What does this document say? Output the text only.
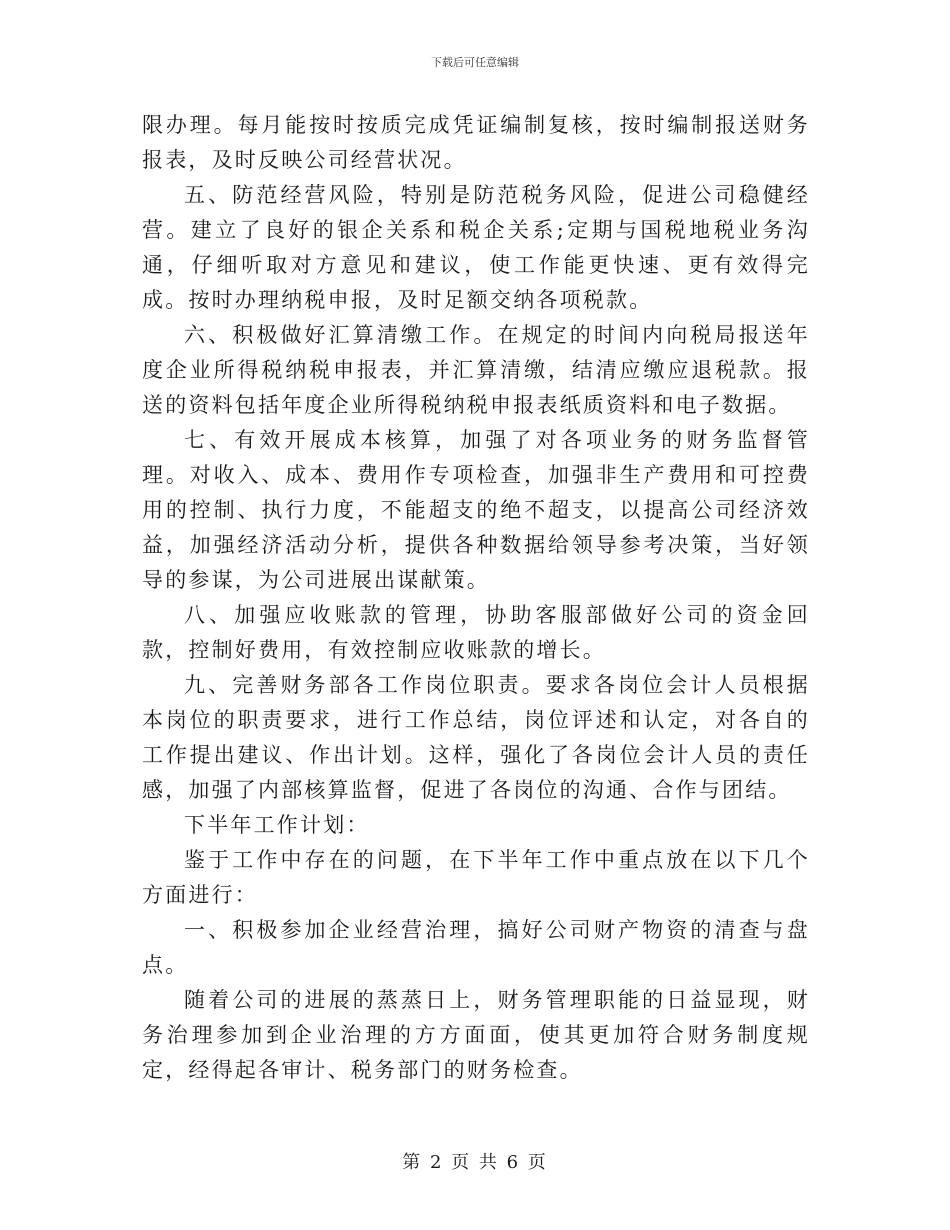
下载后可任意编辑

限办理。每月能按时按质完成凭证编制复核，按时编制报送财务报表，及时反映公司经营状况。

五、防范经营风险，特别是防范税务风险，促进公司稳健经营。建立了良好的银企关系和税企关系;定期与国税地税业务沟通，仔细听取对方意见和建议，使工作能更快速、更有效得完成。按时办理纳税申报，及时足额交纳各项税款。

六、积极做好汇算清缴工作。在规定的时间内向税局报送年度企业所得税纳税申报表，并汇算清缴，结清应缴应退税款。报送的资料包括年度企业所得税纳税申报表纸质资料和电子数据。

七、有效开展成本核算，加强了对各项业务的财务监督管理。对收入、成本、费用作专项检查，加强非生产费用和可控费用的控制、执行力度，不能超支的绝不超支，以提高公司经济效益，加强经济活动分析，提供各种数据给领导参考决策，当好领导的参谋，为公司进展出谋献策。

八、加强应收账款的管理，协助客服部做好公司的资金回款，控制好费用，有效控制应收账款的增长。

九、完善财务部各工作岗位职责。要求各岗位会计人员根据本岗位的职责要求，进行工作总结，岗位评述和认定，对各自的工作提出建议、作出计划。这样，强化了各岗位会计人员的责任感，加强了内部核算监督，促进了各岗位的沟通、合作与团结。

下半年工作计划：

鉴于工作中存在的问题，在下半年工作中重点放在以下几个方面进行：

一、积极参加企业经营治理，搞好公司财产物资的清查与盘点。

随着公司的进展的蒸蒸日上，财务管理职能的日益显现，财务治理参加到企业治理的方方面面，使其更加符合财务制度规定，经得起各审计、税务部门的财务检查。

第 2 页 共 6 页
